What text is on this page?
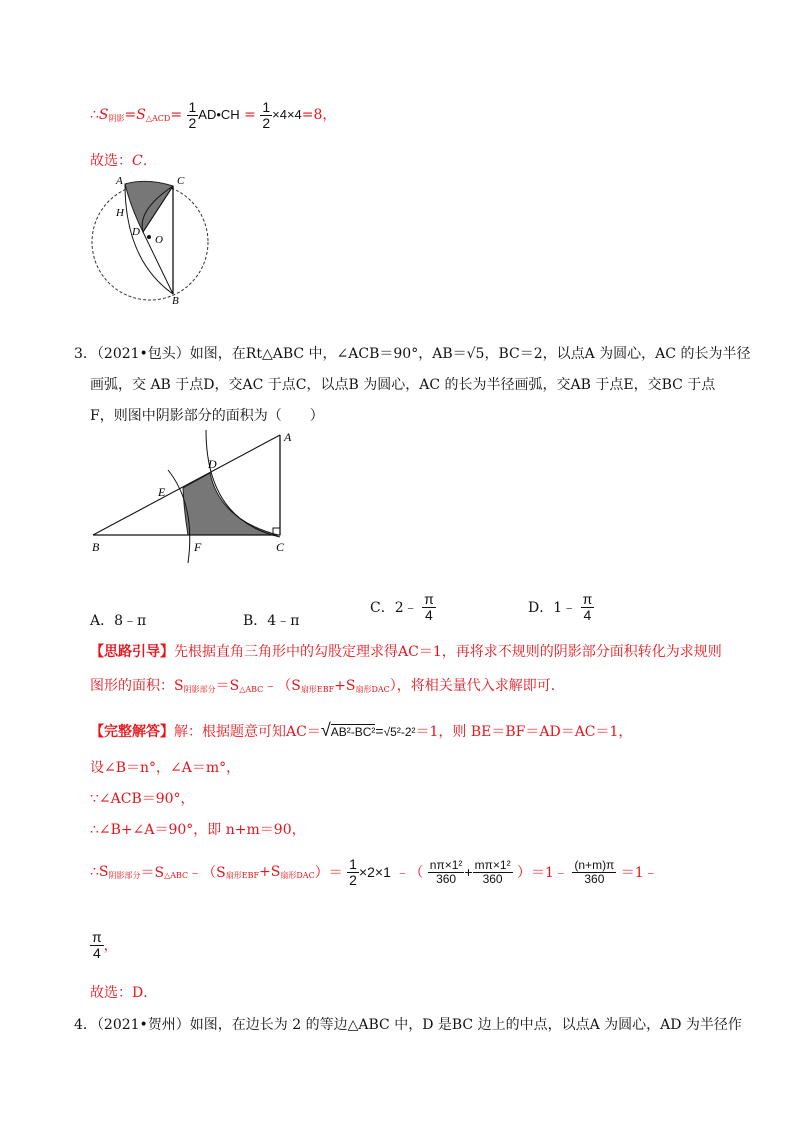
$\therefore S_{阴影}=S_{\triangle ACD}= \frac{1}{2}$ AD•CH = $\frac{1}{2} \times 4\times 4=8$，
故选：C．
A	C
H
D
O
B
3．（2021•包头）如图，在Rt△ABC 中，∠ACB＝90°，AB＝√5，BC＝2，以点A 为圆心，AC 的长为半径
画弧，交 AB 于点D，交AC 于点C，以点B 为圆心，AC 的长为半径画弧，交AB 于点E，交BC 于点
F，则图中阴影部分的面积为（　　）
A
D
E
B	F	C
A．8﹣π	B．4﹣π
C．2﹣ $\frac{\pi}{4}$	D．1﹣ $\frac{\pi}{4}$
【思路引导】先根据直角三角形中的勾股定理求得AC＝1，再将求不规则的阴影部分面积转化为求规则
图形的面积：$S_{阴影部分}=S_{\triangle ABC}﹣(S_{扇形EBF}+S_{扇形DAC})$，将相关量代入求解即可．
【完整解答】解：根据题意可知AC＝√AB²-BC²=√5²-2²＝1，则 BE＝BF＝AD＝AC＝1，
设∠B＝n°，∠A＝m°，
∵∠ACB＝90°，
∴∠B+∠A＝90°，即 n+m＝90，
$\therefore S_{阴影部分}=S_{\triangle ABC}﹣(S_{扇形EBF}+S_{扇形DAC})= \frac{1}{2} \times 2\times 1$ ﹣（ $\frac{\text{nπ×1²}}{360} + \frac{\text{mπ×1²}}{360}$ ）＝1﹣ $\frac{(n+m)\pi}{360}$ ＝1﹣
$\frac{\pi}{4}$ ，
故选：D．
4．（2021•贺州）如图，在边长为 2 的等边△ABC 中，D 是BC 边上的中点，以点A 为圆心，AD 为半径作
